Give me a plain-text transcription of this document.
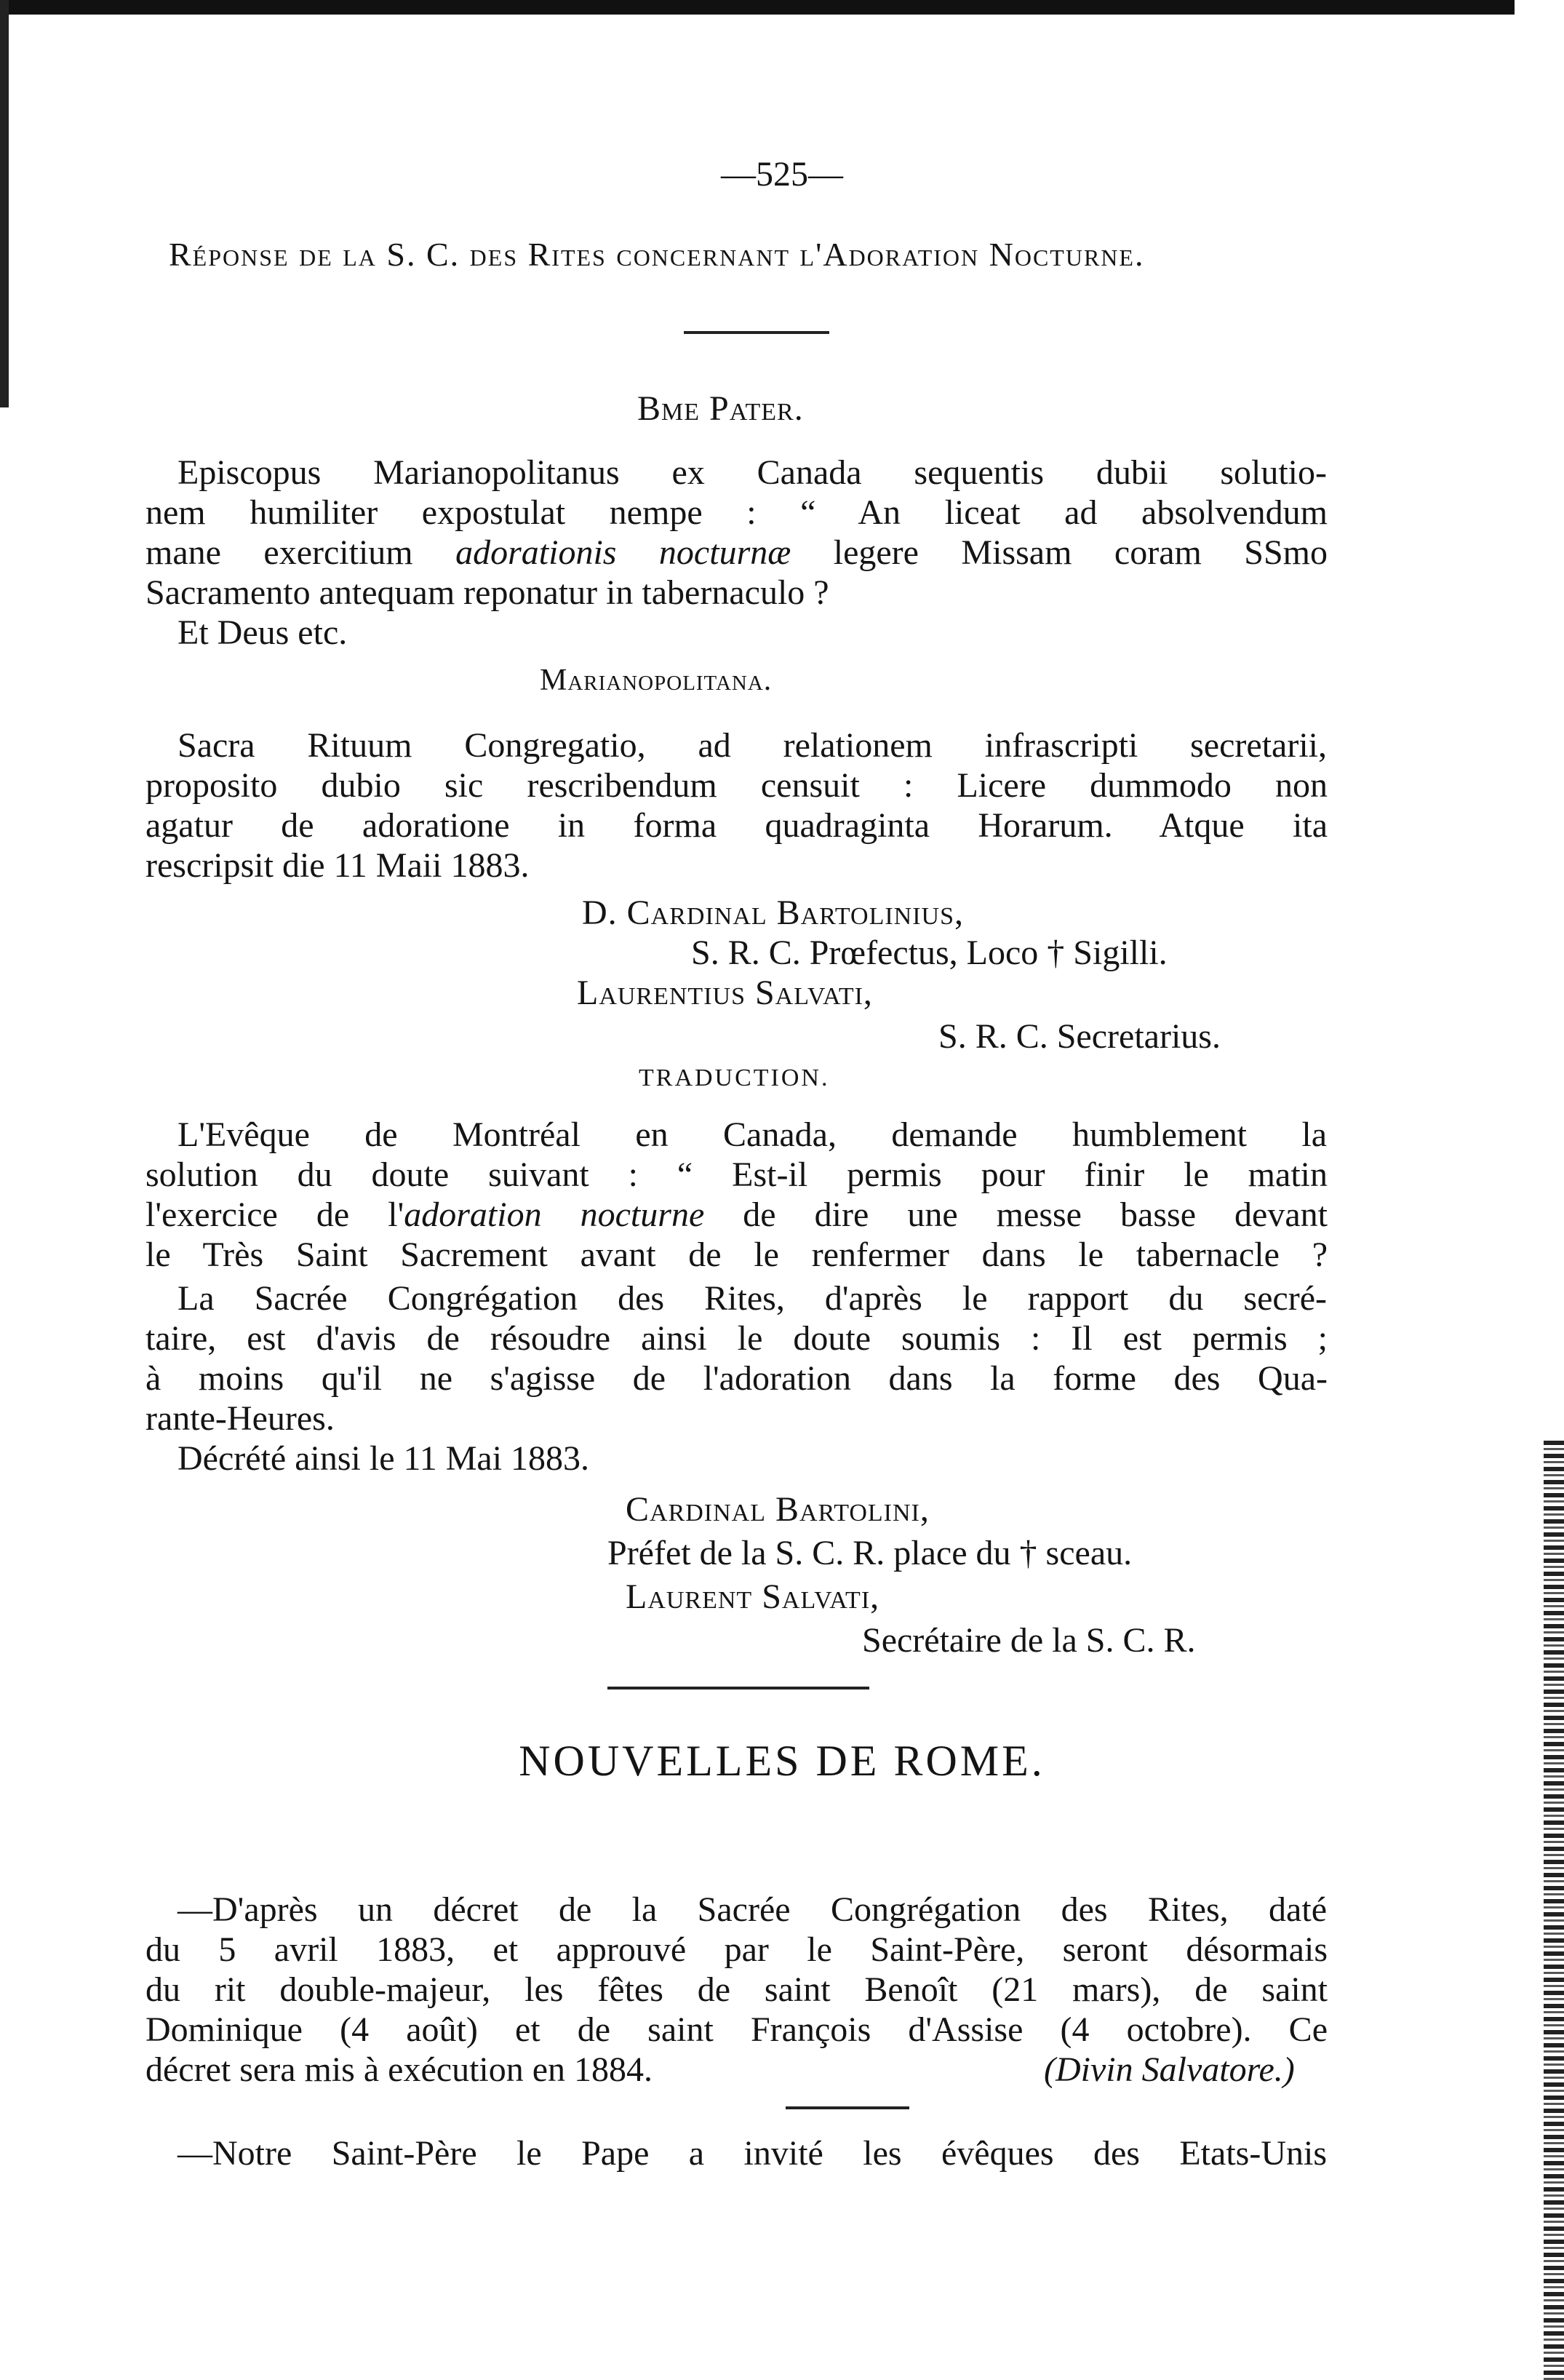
—525—
Réponse de la S. C. des Rites concernant l'Adoration Nocturne.
Bme Pater.
Episcopus Marianopolitanus ex Canada sequentis dubii solutio-
nem humiliter expostulat nempe : “ An liceat ad absolvendum
mane exercitium adorationis nocturnæ legere Missam coram SSmo
Sacramento antequam reponatur in tabernaculo ?
Et Deus etc.
Marianopolitana.
Sacra Rituum Congregatio, ad relationem infrascripti secretarii,
proposito dubio sic rescribendum censuit : Licere dummodo non
agatur de adoratione in forma quadraginta Horarum. Atque ita
rescripsit die 11 Maii 1883.
D. Cardinal Bartolinius,
S. R. C. Prœfectus, Loco † Sigilli.
Laurentius Salvati,
S. R. C. Secretarius.
TRADUCTION.
L'Evêque de Montréal en Canada, demande humblement la
solution du doute suivant : “ Est-il permis pour finir le matin
l'exercice de l'adoration nocturne de dire une messe basse devant
le Très Saint Sacrement avant de le renfermer dans le tabernacle ?
La Sacrée Congrégation des Rites, d'après le rapport du secré-
taire, est d'avis de résoudre ainsi le doute soumis : Il est permis ;
à moins qu'il ne s'agisse de l'adoration dans la forme des Qua-
rante-Heures.
Décrété ainsi le 11 Mai 1883.
Cardinal Bartolini,
Préfet de la S. C. R. place du † sceau.
Laurent Salvati,
Secrétaire de la S. C. R.
NOUVELLES DE ROME.
—D'après un décret de la Sacrée Congrégation des Rites, daté
du 5 avril 1883, et approuvé par le Saint-Père, seront désormais
du rit double-majeur, les fêtes de saint Benoît (21 mars), de saint
Dominique (4 août) et de saint François d'Assise (4 octobre). Ce
décret sera mis à exécution en 1884.	(Divin Salvatore.)
—Notre Saint-Père le Pape a invité les évêques des Etats-Unis
